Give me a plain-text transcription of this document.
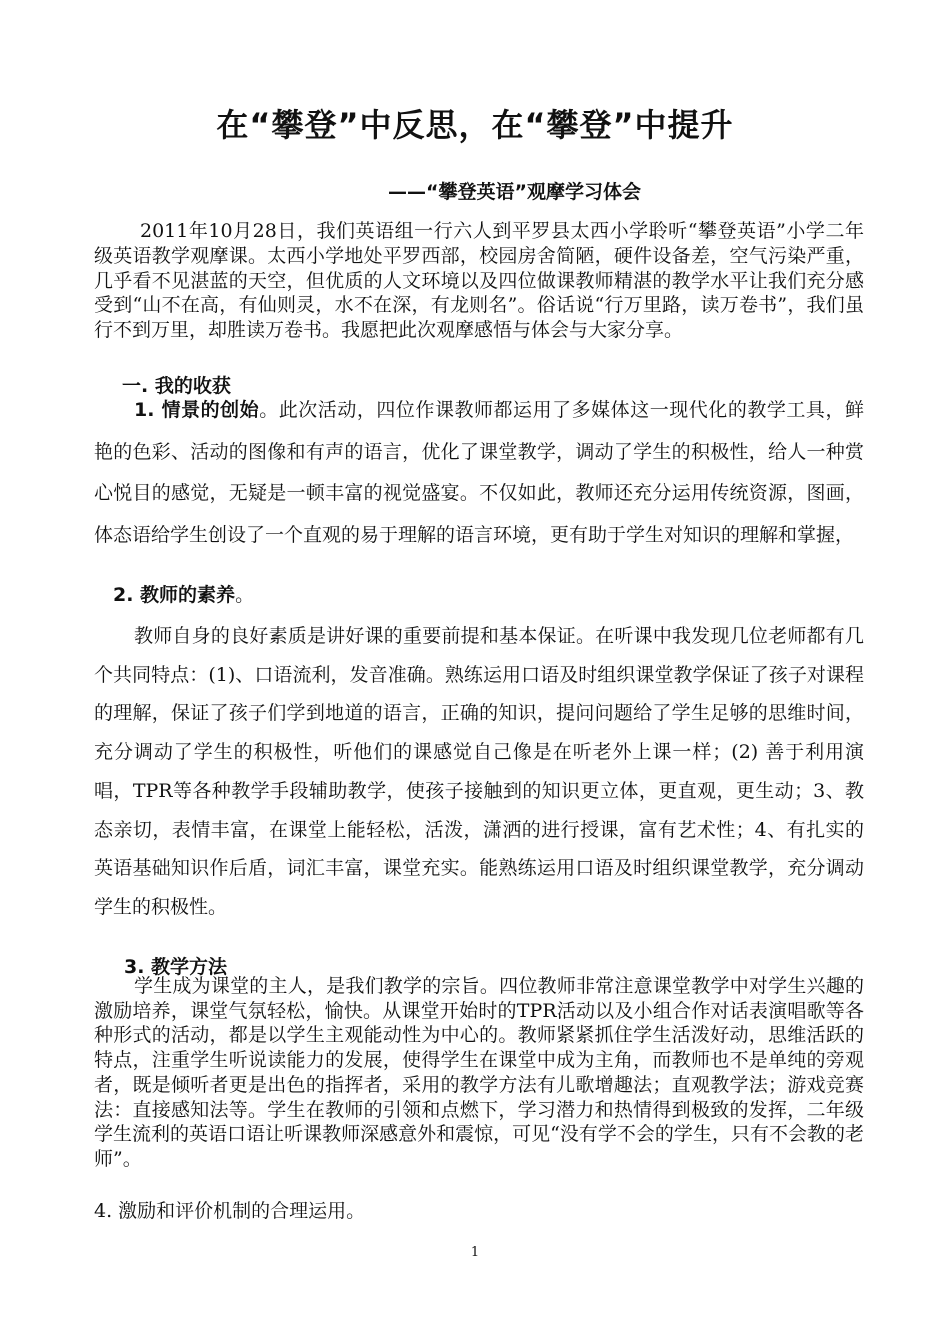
在“攀登”中反思，在“攀登”中提升
——“攀登英语”观摩学习体会
2011年10月28日，我们英语组一行六人到平罗县太西小学聆听“攀登英语”小学二年级英语教学观摩课。太西小学地处平罗西部，校园房舍简陋，硬件设备差，空气污染严重，几乎看不见湛蓝的天空，但优质的人文环境以及四位做课教师精湛的教学水平让我们充分感受到“山不在高，有仙则灵，水不在深，有龙则名”。俗话说“行万里路，读万卷书”，我们虽行不到万里，却胜读万卷书。我愿把此次观摩感悟与体会与大家分享。
一. 我的收获
1. 情景的创始。此次活动，四位作课教师都运用了多媒体这一现代化的教学工具，鲜艳的色彩、活动的图像和有声的语言，优化了课堂教学，调动了学生的积极性，给人一种赏心悦目的感觉，无疑是一顿丰富的视觉盛宴。不仅如此，教师还充分运用传统资源，图画，体态语给学生创设了一个直观的易于理解的语言环境，更有助于学生对知识的理解和掌握，
2. 教师的素养。
教师自身的良好素质是讲好课的重要前提和基本保证。在听课中我发现几位老师都有几个共同特点：(1)、口语流利，发音准确。熟练运用口语及时组织课堂教学保证了孩子对课程的理解，保证了孩子们学到地道的语言，正确的知识，提问问题给了学生足够的思维时间，充分调动了学生的积极性，听他们的课感觉自己像是在听老外上课一样；(2) 善于利用演唱，TPR等各种教学手段辅助教学，使孩子接触到的知识更立体，更直观，更生动；3、教态亲切，表情丰富，在课堂上能轻松，活泼，潇洒的进行授课，富有艺术性；4、有扎实的英语基础知识作后盾，词汇丰富，课堂充实。能熟练运用口语及时组织课堂教学，充分调动学生的积极性。
3. 教学方法
学生成为课堂的主人，是我们教学的宗旨。四位教师非常注意课堂教学中对学生兴趣的激励培养，课堂气氛轻松，愉快。从课堂开始时的TPR活动以及小组合作对话表演唱歌等各种形式的活动，都是以学生主观能动性为中心的。教师紧紧抓住学生活泼好动，思维活跃的特点，注重学生听说读能力的发展，使得学生在课堂中成为主角，而教师也不是单纯的旁观者，既是倾听者更是出色的指挥者，采用的教学方法有儿歌增趣法；直观教学法；游戏竞赛法：直接感知法等。学生在教师的引领和点燃下，学习潜力和热情得到极致的发挥，二年级学生流利的英语口语让听课教师深感意外和震惊，可见“没有学不会的学生，只有不会教的老师”。
4. 激励和评价机制的合理运用。
1
